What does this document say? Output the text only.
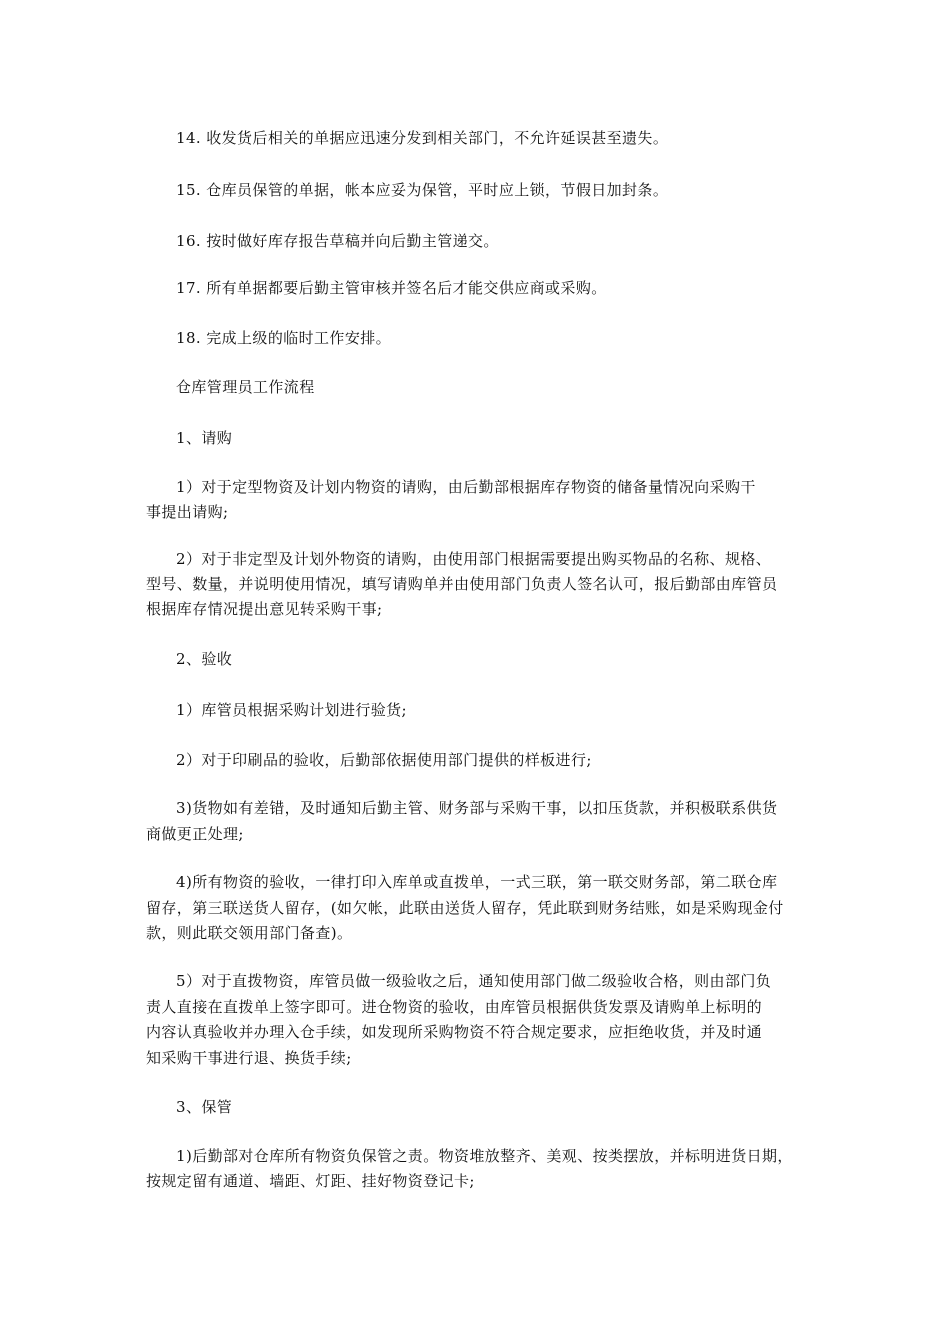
14. 收发货后相关的单据应迅速分发到相关部门，不允许延误甚至遗失。
15. 仓库员保管的单据，帐本应妥为保管，平时应上锁，节假日加封条。
16. 按时做好库存报告草稿并向后勤主管递交。
17. 所有单据都要后勤主管审核并签名后才能交供应商或采购。
18. 完成上级的临时工作安排。
仓库管理员工作流程
1、请购
1）对于定型物资及计划内物资的请购，由后勤部根据库存物资的储备量情况向采购干
事提出请购;
2）对于非定型及计划外物资的请购，由使用部门根据需要提出购买物品的名称、规格、
型号、数量，并说明使用情况，填写请购单并由使用部门负责人签名认可，报后勤部由库管员
根据库存情况提出意见转采购干事;
2、验收
1）库管员根据采购计划进行验货;
2）对于印刷品的验收，后勤部依据使用部门提供的样板进行;
3)货物如有差错，及时通知后勤主管、财务部与采购干事，以扣压货款，并积极联系供货
商做更正处理;
4)所有物资的验收，一律打印入库单或直拨单，一式三联，第一联交财务部，第二联仓库
留存，第三联送货人留存，(如欠帐，此联由送货人留存，凭此联到财务结账，如是采购现金付
款，则此联交领用部门备查)。
5）对于直拨物资，库管员做一级验收之后，通知使用部门做二级验收合格，则由部门负
责人直接在直拨单上签字即可。进仓物资的验收，由库管员根据供货发票及请购单上标明的
内容认真验收并办理入仓手续，如发现所采购物资不符合规定要求，应拒绝收货，并及时通
知采购干事进行退、换货手续;
3、保管
1)后勤部对仓库所有物资负保管之责。物资堆放整齐、美观、按类摆放，并标明进货日期，
按规定留有通道、墙距、灯距、挂好物资登记卡;
